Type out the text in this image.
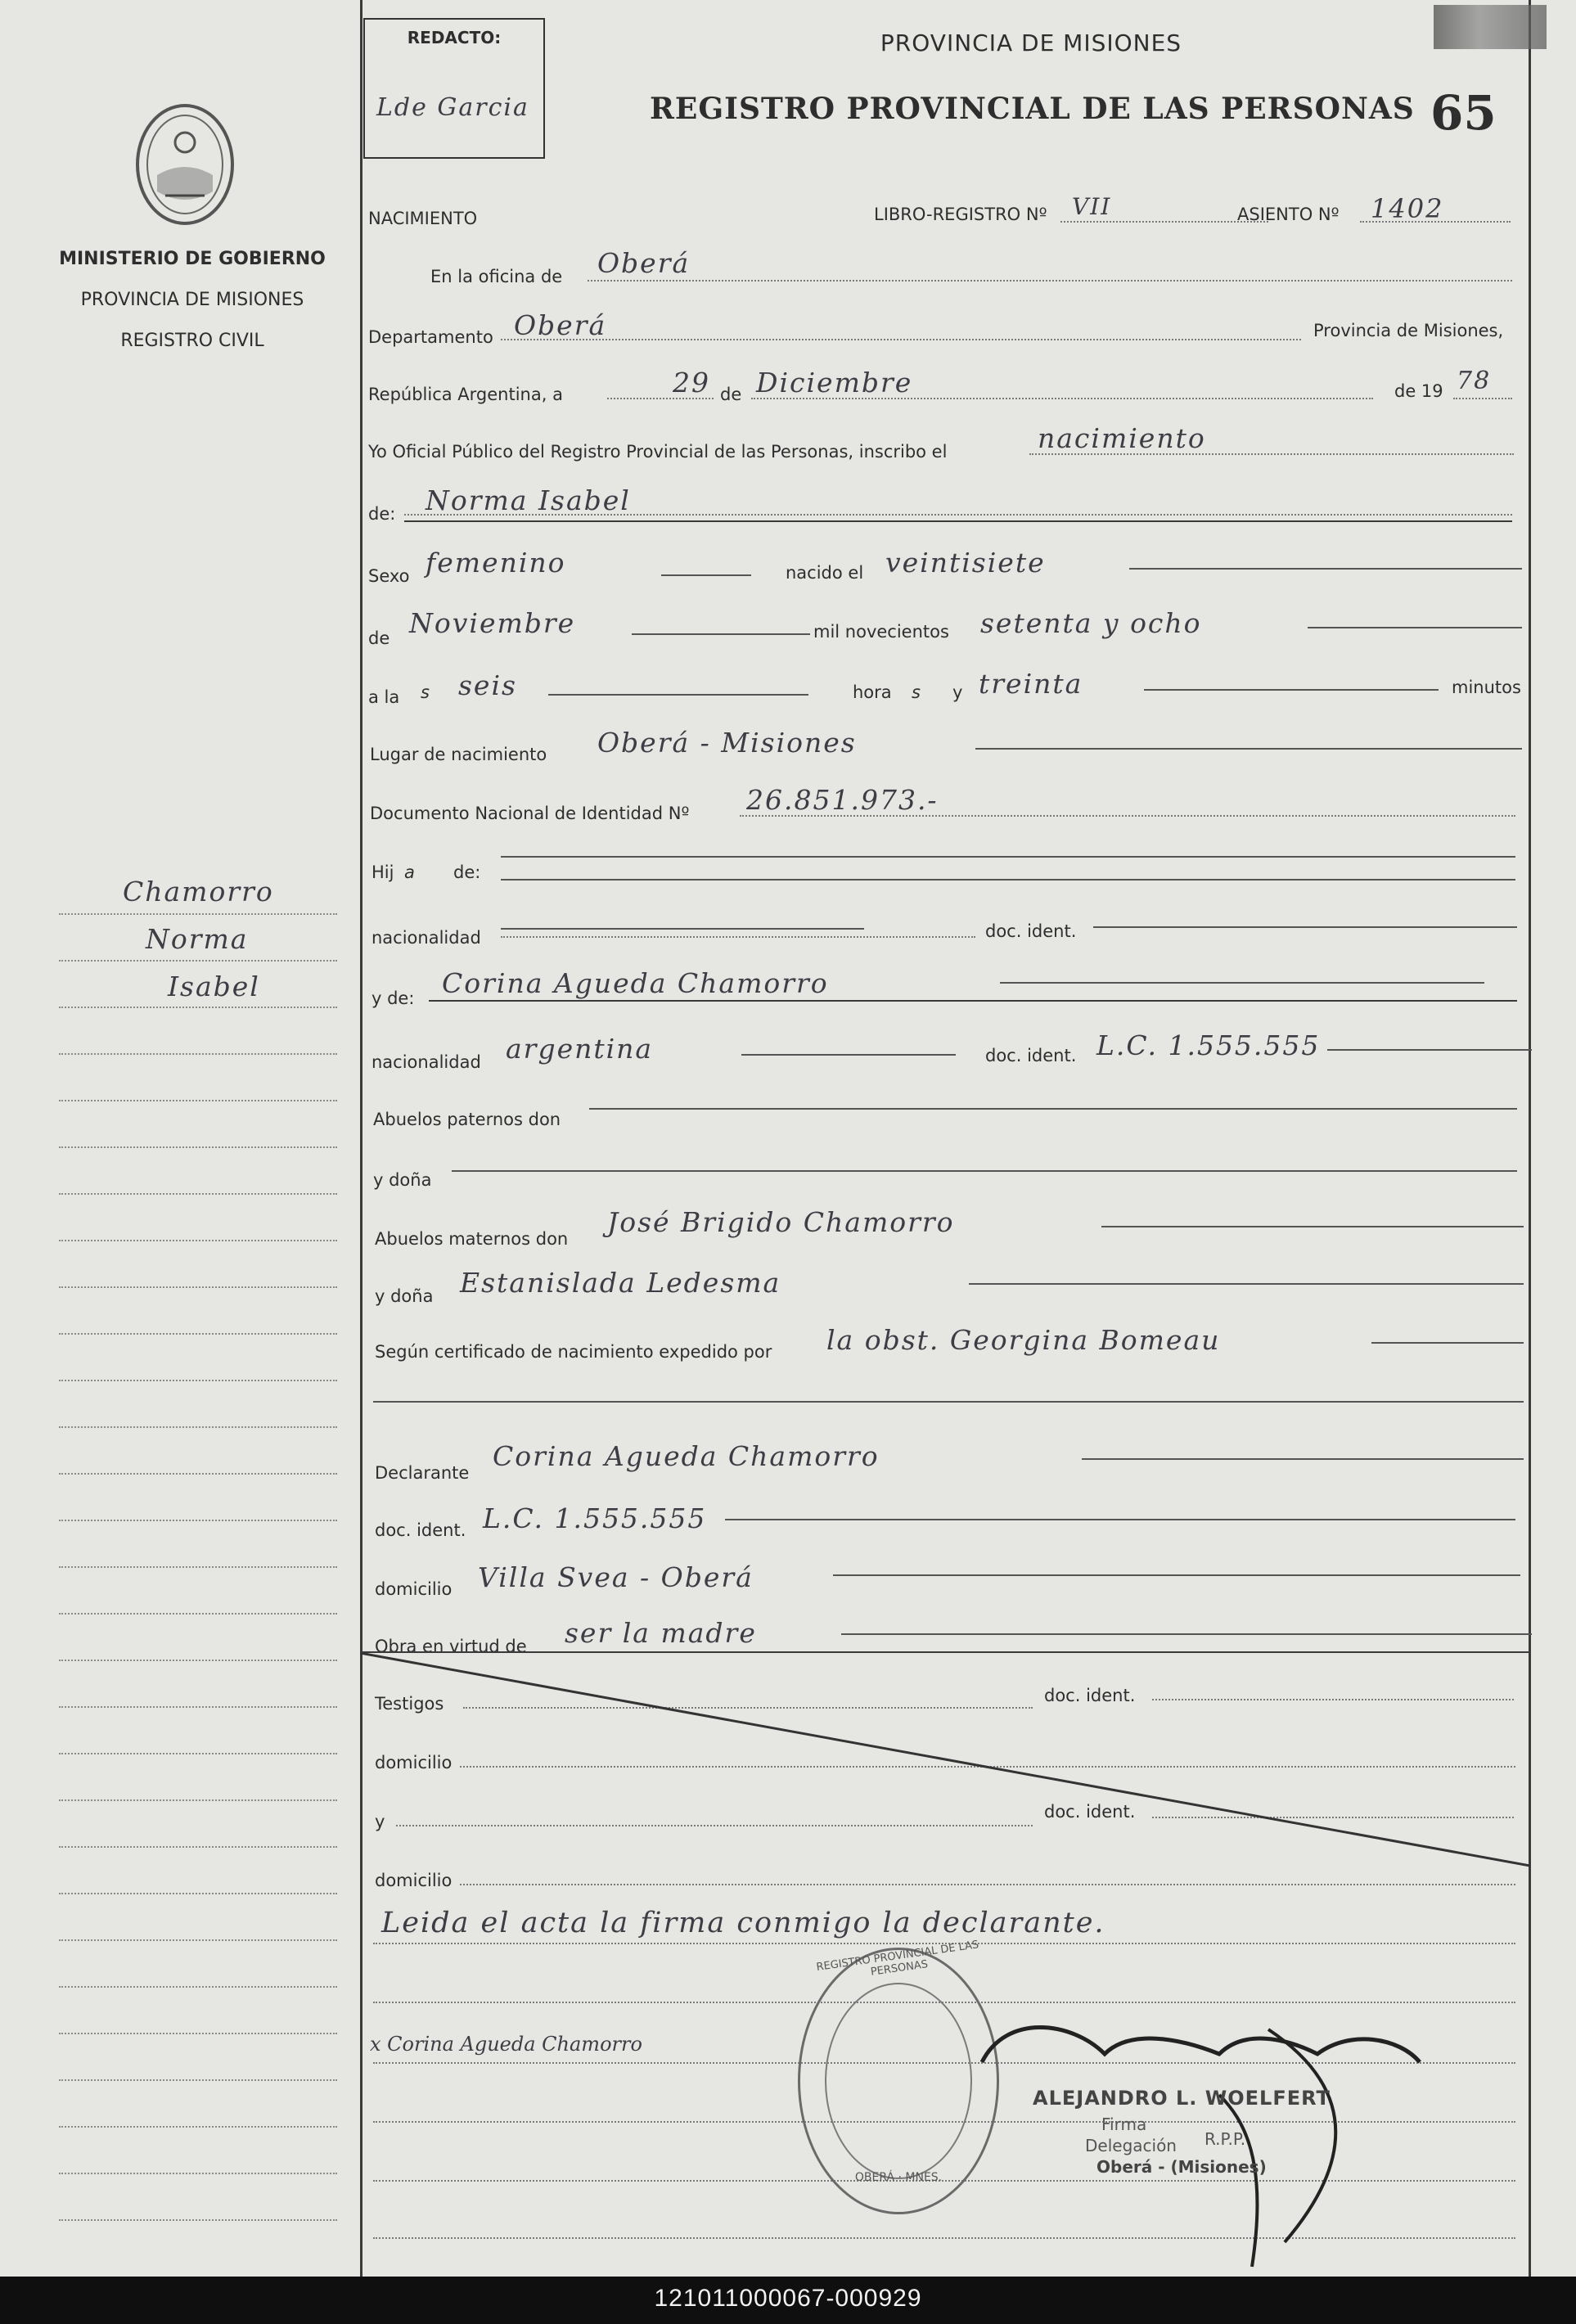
MINISTERIO DE GOBIERNO
PROVINCIA DE MISIONES
REGISTRO CIVIL
Chamorro
Norma
Isabel
REDACTO:
Lde Garcia
PROVINCIA DE MISIONES
REGISTRO PROVINCIAL DE LAS PERSONAS 65
NACIMIENTO	LIBRO-REGISTRO Nº VII	ASIENTO Nº 1402
En la oficina de Oberá
Departamento Oberá	Provincia de Misiones,
República Argentina, a	29 de Diciembre	de 19 78
Yo Oficial Público del Registro Provincial de las Personas, inscribo el	nacimiento
de: Norma Isabel
Sexo femenino	nacido el veintisiete
de Noviembre	mil novecientos setenta y ocho
a la s seis	hora s y treinta	minutos
Lugar de nacimiento Oberá - Misiones
Documento Nacional de Identidad Nº 26.851.973.-
Hij a de:
nacionalidad	doc. ident.
y de: Corina Agueda Chamorro
nacionalidad argentina	doc. ident. L.C. 1.555.555
Abuelos paternos don
y doña
Abuelos maternos don
José Brigido Chamorro
y doña Estanislada Ledesma
Según certificado de nacimiento expedido por la obst. Georgina Bomeau
Declarante
Corina Agueda Chamorro
doc. ident. L.C. 1.555.555
domicilio Villa Svea - Oberá
Obra en virtud de ser la madre
Testigos	doc. ident.
domicilio
y	doc. ident.
domicilio
Leida el acta la firma conmigo la declarante.
x Corina Agueda Chamorro
REGISTRO PROVINCIAL DE LAS PERSONAS
OBERÁ · MNES.
ALEJANDRO L. WOELFERT
Firma
Delegación R.P.P.
Oberá - (Misiones)
121011000067-000929
